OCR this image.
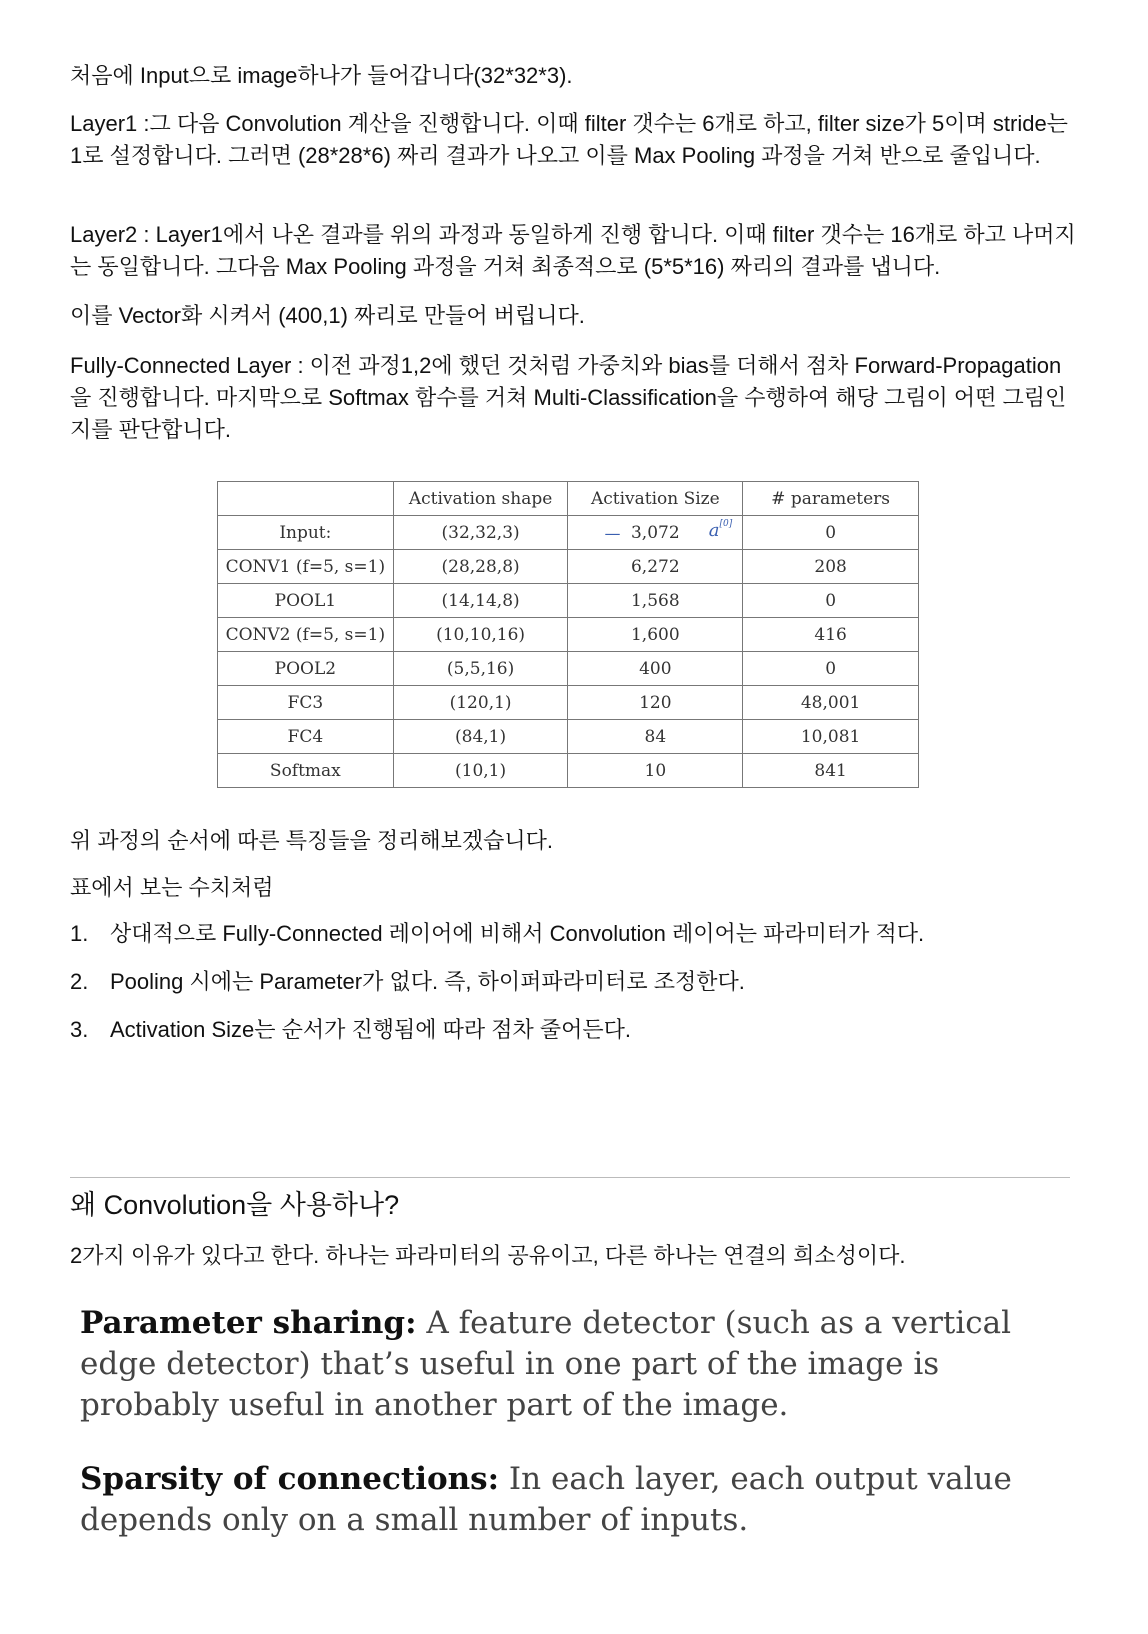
처음에 Input으로 image하나가 들어갑니다(32*32*3).

Layer1 :그 다음 Convolution 계산을 진행합니다. 이때 filter 갯수는 6개로 하고, filter size가 5이며 stride는 1로 설정합니다. 그러면 (28*28*6) 짜리 결과가 나오고 이를 Max Pooling 과정을 거쳐 반으로 줄입니다.

Layer2 : Layer1에서 나온 결과를 위의 과정과 동일하게 진행 합니다. 이때 filter 갯수는 16개로 하고 나머지는 동일합니다. 그다음 Max Pooling 과정을 거쳐 최종적으로 (5*5*16) 짜리의 결과를 냅니다.

이를 Vector화 시켜서 (400,1) 짜리로 만들어 버립니다.

Fully-Connected Layer : 이전 과정1,2에 했던 것처럼 가중치와 bias를 더해서 점차 Forward-Propagation을 진행합니다. 마지막으로 Softmax 함수를 거쳐 Multi-Classification을 수행하여 해당 그림이 어떤 그림인지를 판단합니다.

	Activation shape	Activation Size	# parameters
Input:	(32,32,3)	— 3,072 a[0]	0
CONV1 (f=5, s=1)	(28,28,8)	6,272	208
POOL1	(14,14,8)	1,568	0
CONV2 (f=5, s=1)	(10,10,16)	1,600	416
POOL2	(5,5,16)	400	0
FC3	(120,1)	120	48,001
FC4	(84,1)	84	10,081
Softmax	(10,1)	10	841

위 과정의 순서에 따른 특징들을 정리해보겠습니다.

표에서 보는 수치처럼

1. 상대적으로 Fully-Connected 레이어에 비해서 Convolution 레이어는 파라미터가 적다.
2. Pooling 시에는 Parameter가 없다. 즉, 하이퍼파라미터로 조정한다.
3. Activation Size는 순서가 진행됨에 따라 점차 줄어든다.
왜 Convolution을 사용하나?

2가지 이유가 있다고 한다. 하나는 파라미터의 공유이고, 다른 하나는 연결의 희소성이다.

Parameter sharing: A feature detector (such as a vertical edge detector) that’s useful in one part of the image is probably useful in another part of the image.
Sparsity of connections: In each layer, each output value depends only on a small number of inputs.
